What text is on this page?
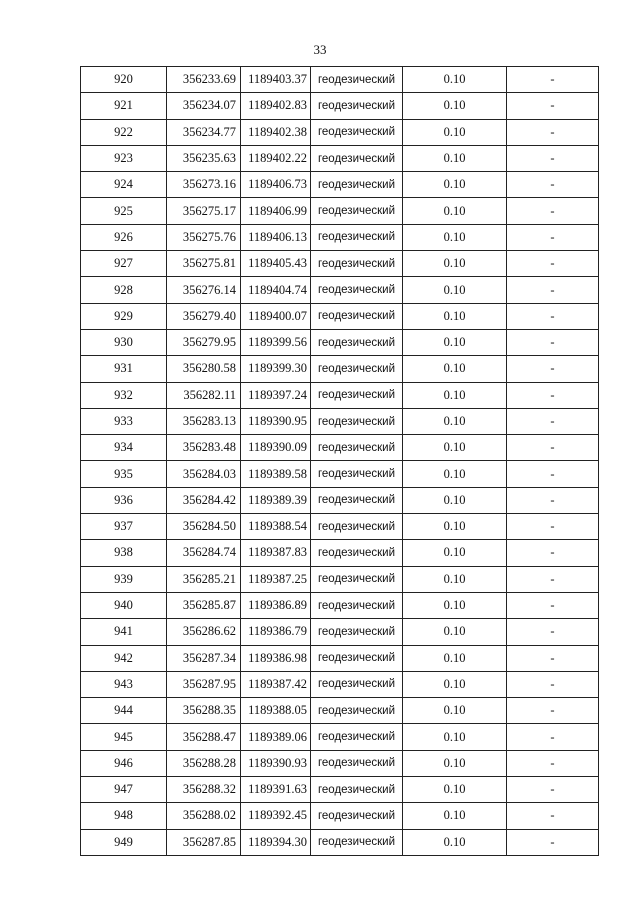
33
920	356233.69	1189403.37	геодезический	0.10	-
921	356234.07	1189402.83	геодезический	0.10	-
922	356234.77	1189402.38	геодезический	0.10	-
923	356235.63	1189402.22	геодезический	0.10	-
924	356273.16	1189406.73	геодезический	0.10	-
925	356275.17	1189406.99	геодезический	0.10	-
926	356275.76	1189406.13	геодезический	0.10	-
927	356275.81	1189405.43	геодезический	0.10	-
928	356276.14	1189404.74	геодезический	0.10	-
929	356279.40	1189400.07	геодезический	0.10	-
930	356279.95	1189399.56	геодезический	0.10	-
931	356280.58	1189399.30	геодезический	0.10	-
932	356282.11	1189397.24	геодезический	0.10	-
933	356283.13	1189390.95	геодезический	0.10	-
934	356283.48	1189390.09	геодезический	0.10	-
935	356284.03	1189389.58	геодезический	0.10	-
936	356284.42	1189389.39	геодезический	0.10	-
937	356284.50	1189388.54	геодезический	0.10	-
938	356284.74	1189387.83	геодезический	0.10	-
939	356285.21	1189387.25	геодезический	0.10	-
940	356285.87	1189386.89	геодезический	0.10	-
941	356286.62	1189386.79	геодезический	0.10	-
942	356287.34	1189386.98	геодезический	0.10	-
943	356287.95	1189387.42	геодезический	0.10	-
944	356288.35	1189388.05	геодезический	0.10	-
945	356288.47	1189389.06	геодезический	0.10	-
946	356288.28	1189390.93	геодезический	0.10	-
947	356288.32	1189391.63	геодезический	0.10	-
948	356288.02	1189392.45	геодезический	0.10	-
949	356287.85	1189394.30	геодезический	0.10	-
